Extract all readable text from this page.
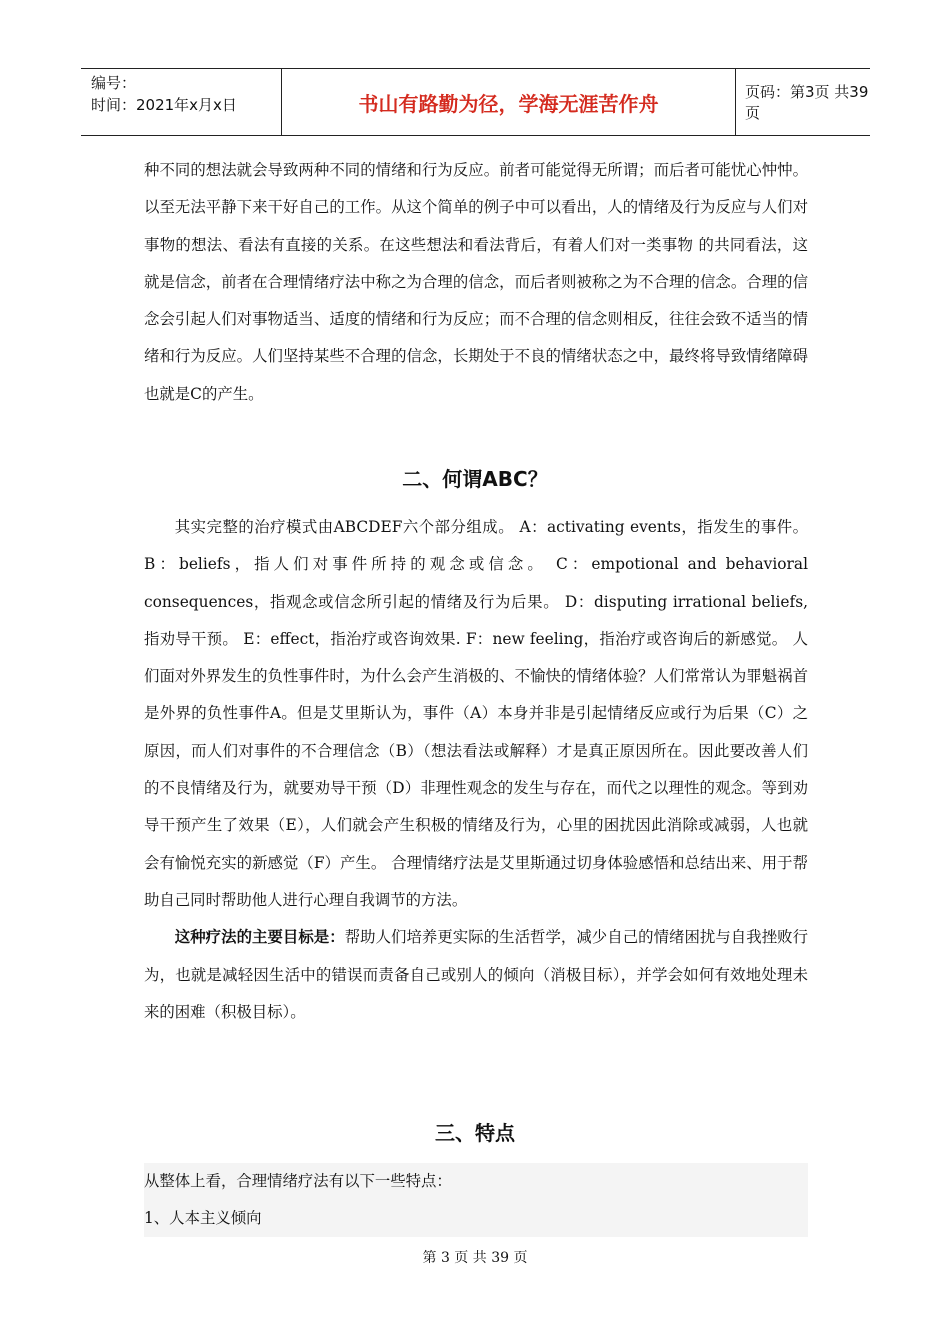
编号：
时间：2021年x月x日	书山有路勤为径，学海无涯苦作舟	页码：第3页 共39页

种不同的想法就会导致两种不同的情绪和行为反应。前者可能觉得无所谓；而后者可能忧心忡忡。 以至无法平静下来干好自己的工作。从这个简单的例子中可以看出，人的情绪及行为反应与人们对事物的想法、看法有直接的关系。在这些想法和看法背后，有着人们对一类事物 的共同看法，这就是信念，前者在合理情绪疗法中称之为合理的信念，而后者则被称之为不合理的信念。合理的信念会引起人们对事物适当、适度的情绪和行为反应；而不合理的信念则相反，往往会致不适当的情绪和行为反应。人们坚持某些不合理的信念，长期处于不良的情绪状态之中，最终将导致情绪障碍也就是C的产生。

二、何谓ABC？

其实完整的治疗模式由ABCDEF六个部分组成。 A：activating events，指发生的事件。 B：beliefs，指人们对事件所持的观念或信念。 C：empotional and behavioral consequences，指观念或信念所引起的情绪及行为后果。 D：disputing irrational beliefs, 指劝导干预。 E：effect，指治疗或咨询效果. F：new feeling，指治疗或咨询后的新感觉。 人们面对外界发生的负性事件时，为什么会产生消极的、不愉快的情绪体验？人们常常认为罪魁祸首是外界的负性事件A。但是艾里斯认为，事件（A）本身并非是引起情绪反应或行为后果（C）之原因，而人们对事件的不合理信念（B）（想法看法或解释）才是真正原因所在。因此要改善人们的不良情绪及行为，就要劝导干预（D）非理性观念的发生与存在，而代之以理性的观念。等到劝导干预产生了效果（E），人们就会产生积极的情绪及行为，心里的困扰因此消除或减弱，人也就会有愉悦充实的新感觉（F）产生。 合理情绪疗法是艾里斯通过切身体验感悟和总结出来、用于帮助自己同时帮助他人进行心理自我调节的方法。

这种疗法的主要目标是：帮助人们培养更实际的生活哲学，减少自己的情绪困扰与自我挫败行为，也就是减轻因生活中的错误而责备自己或别人的倾向（消极目标），并学会如何有效地处理未来的困难（积极目标）。

三、特点

从整体上看，合理情绪疗法有以下一些特点：

1、人本主义倾向

第 3 页 共 39 页
